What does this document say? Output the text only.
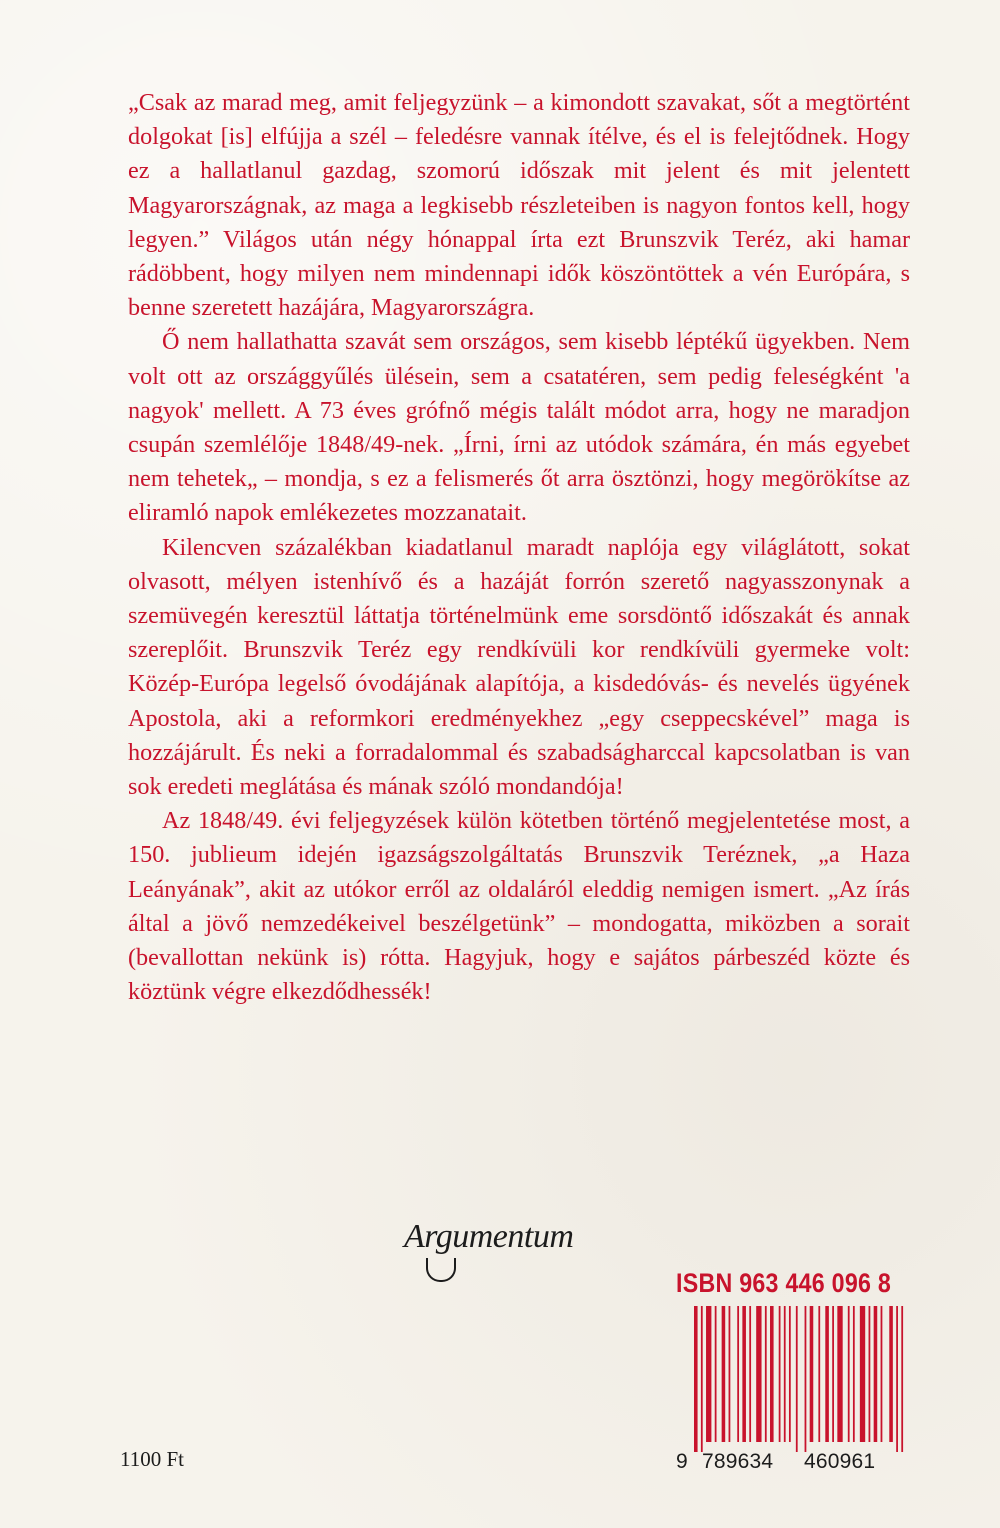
„Csak az marad meg, amit feljegyzünk – a kimondott szavakat, sőt a megtörtént dolgokat [is] elfújja a szél – feledésre vannak ítélve, és el is felejtődnek. Hogy ez a hallatlanul gazdag, szomorú időszak mit jelent és mit jelentett Magyarországnak, az maga a legkisebb részleteiben is nagyon fontos kell, hogy legyen.” Világos után négy hónappal írta ezt Brunszvik Teréz, aki hamar rádöbbent, hogy milyen nem mindennapi idők köszöntöttek a vén Európára, s benne szeretett hazájára, Magyarországra.

Ő nem hallathatta szavát sem országos, sem kisebb léptékű ügyekben. Nem volt ott az országgyűlés ülésein, sem a csatatéren, sem pedig feleségként 'a nagyok' mellett. A 73 éves grófnő mégis talált módot arra, hogy ne maradjon csupán szemlélője 1848/49-nek. „Írni, írni az utódok számára, én más egyebet nem tehetek„ – mondja, s ez a felismerés őt arra ösztönzi, hogy megörökítse az eliramló napok emlékezetes mozzanatait.

Kilencven százalékban kiadatlanul maradt naplója egy világlátott, sokat olvasott, mélyen istenhívő és a hazáját forrón szerető nagyasszonynak a szemüvegén keresztül láttatja történelmünk eme sorsdöntő időszakát és annak szereplőit. Brunszvik Teréz egy rendkívüli kor rendkívüli gyermeke volt: Közép-Európa legelső óvodájának alapítója, a kisdedóvás- és nevelés ügyének Apostola, aki a reformkori eredményekhez „egy cseppecskével” maga is hozzájárult. És neki a forradalommal és szabadságharccal kapcsolatban is van sok eredeti meglátása és mának szóló mondandója!

Az 1848/49. évi feljegyzések külön kötetben történő megjelentetése most, a 150. jublieum idején igazságszolgáltatás Brunszvik Teréznek, „a Haza Leányának”, akit az utókor erről az oldaláról eleddig nemigen ismert. „Az írás által a jövő nemzedékeivel beszélgetünk” – mondogatta, miközben a sorait (bevallottan nekünk is) rótta. Hagyjuk, hogy e sajátos párbeszéd közte és köztünk végre elkezdődhessék!

Argumentum
ISBN 963 446 096 8
9 789634 460961
1100 Ft
